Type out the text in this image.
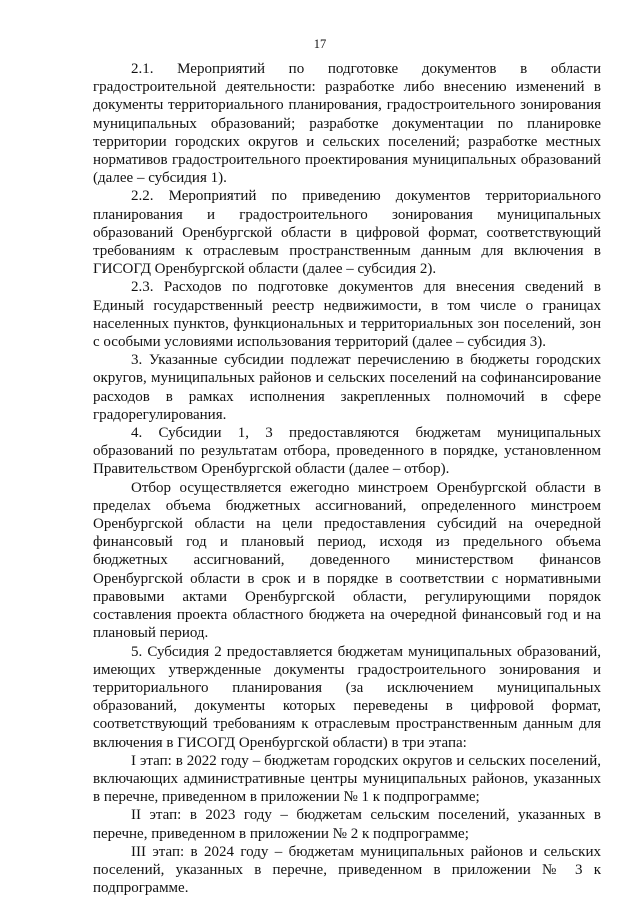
17

2.1. Мероприятий по подготовке документов в области градостроительной деятельности: разработке либо внесению изменений в документы территориального планирования, градостроительного зонирования муниципальных образований; разработке документации по планировке территории городских округов и сельских поселений; разработке местных нормативов градостроительного проектирования муниципальных образований (далее – субсидия 1).

2.2. Мероприятий по приведению документов территориального планирования и градостроительного зонирования муниципальных образований Оренбургской области в цифровой формат, соответствующий требованиям к отраслевым пространственным данным для включения в ГИСОГД Оренбургской области (далее – субсидия 2).

2.3. Расходов по подготовке документов для внесения сведений в Единый государственный реестр недвижимости, в том числе о границах населенных пунктов, функциональных и территориальных зон поселений, зон с особыми условиями использования территорий (далее – субсидия 3).

3. Указанные субсидии подлежат перечислению в бюджеты городских округов, муниципальных районов и сельских поселений на софинансирование расходов в рамках исполнения закрепленных полномочий в сфере градорегулирования.

4. Субсидии 1, 3 предоставляются бюджетам муниципальных образований по результатам отбора, проведенного в порядке, установленном Правительством Оренбургской области (далее – отбор).

Отбор осуществляется ежегодно минстроем Оренбургской области в пределах объема бюджетных ассигнований, определенного минстроем Оренбургской области на цели предоставления субсидий на очередной финансовый год и плановый период, исходя из предельного объема бюджетных ассигнований, доведенного министерством финансов Оренбургской области в срок и в порядке в соответствии с нормативными правовыми актами Оренбургской области, регулирующими порядок составления проекта областного бюджета на очередной финансовый год и на плановый период.

5. Субсидия 2 предоставляется бюджетам муниципальных образований, имеющих утвержденные документы градостроительного зонирования и территориального планирования (за исключением муниципальных образований, документы которых переведены в цифровой формат, соответствующий требованиям к отраслевым пространственным данным для включения в ГИСОГД Оренбургской области) в три этапа:

I этап: в 2022 году – бюджетам городских округов и сельских поселений, включающих административные центры муниципальных районов, указанных в перечне, приведенном в приложении № 1 к подпрограмме;

II этап: в 2023 году – бюджетам сельским поселений, указанных в перечне, приведенном в приложении № 2 к подпрограмме;

III этап: в 2024 году – бюджетам муниципальных районов и сельских поселений, указанных в перечне, приведенном в приложении № 3 к подпрограмме.
